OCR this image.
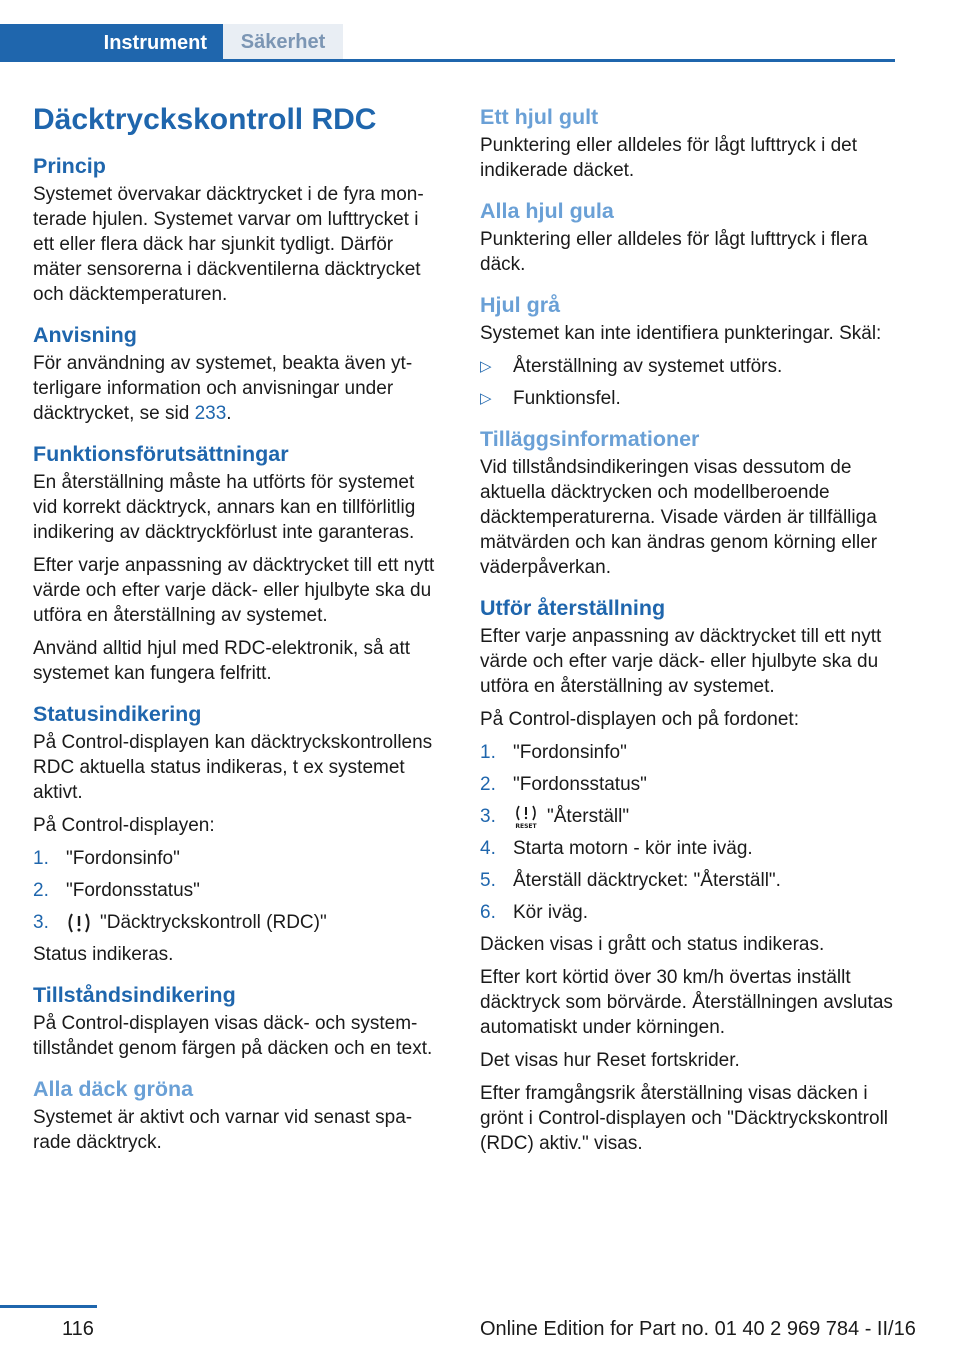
Instrument	Säkerhet
Däcktryckskontroll RDC
Princip

Systemet övervakar däcktrycket i de fyra monterade hjulen. Systemet varvar om lufttrycket i ett eller flera däck har sjunkit tydligt. Därför mäter sensorerna i däckventilerna däcktrycket och däcktemperaturen.

Anvisning

För användning av systemet, beakta även ytterligare information och anvisningar under däcktrycket, se sid 233.

Funktionsförutsättningar

En återställning måste ha utförts för systemet vid korrekt däcktryck, annars kan en tillförlitlig indikering av däcktryckförlust inte garanteras.

Efter varje anpassning av däcktrycket till ett nytt värde och efter varje däck- eller hjulbyte ska du utföra en återställning av systemet.

Använd alltid hjul med RDC-elektronik, så att systemet kan fungera felfritt.

Statusindikering

På Control-displayen kan däcktryckskontrollens RDC aktuella status indikeras, t ex systemet aktivt.

På Control-displayen:

1. "Fordonsinfo"
2. "Fordonsstatus"
3.	"Däcktryckskontroll (RDC)"

Status indikeras.

Tillståndsindikering

På Control-displayen visas däck- och systemtillståndet genom färgen på däcken och en text.

Alla däck gröna

Systemet är aktivt och varnar vid senast sparade däcktryck.

Ett hjul gult

Punktering eller alldeles för lågt lufttryck i det indikerade däcket.

Alla hjul gula

Punktering eller alldeles för lågt lufttryck i flera däck.

Hjul grå

Systemet kan inte identifiera punkteringar. Skäl:

▷	Återställning av systemet utförs.
▷	Funktionsfel.
Tilläggsinformationer

Vid tillståndsindikeringen visas dessutom de aktuella däcktrycken och modellberoende däcktemperaturerna. Visade värden är tillfälliga mätvärden och kan ändras genom körning eller väderpåverkan.

Utför återställning

Efter varje anpassning av däcktrycket till ett nytt värde och efter varje däck- eller hjulbyte ska du utföra en återställning av systemet.

På Control-displayen och på fordonet:

1. "Fordonsinfo"
2. "Fordonsstatus"
3.	RESET "Återställ"
4. Starta motorn - kör inte iväg.
5. Återställ däcktrycket: "Återställ".
6. Kör iväg.

Däcken visas i grått och status indikeras.

Efter kort körtid över 30 km/h övertas inställt däcktryck som börvärde. Återställningen avslutas automatiskt under körningen.

Det visas hur Reset fortskrider.

Efter framgångsrik återställning visas däcken i grönt i Control-displayen och "Däcktryckskontroll (RDC) aktiv." visas.

116	Online Edition for Part no. 01 40 2 969 784 - II/16
